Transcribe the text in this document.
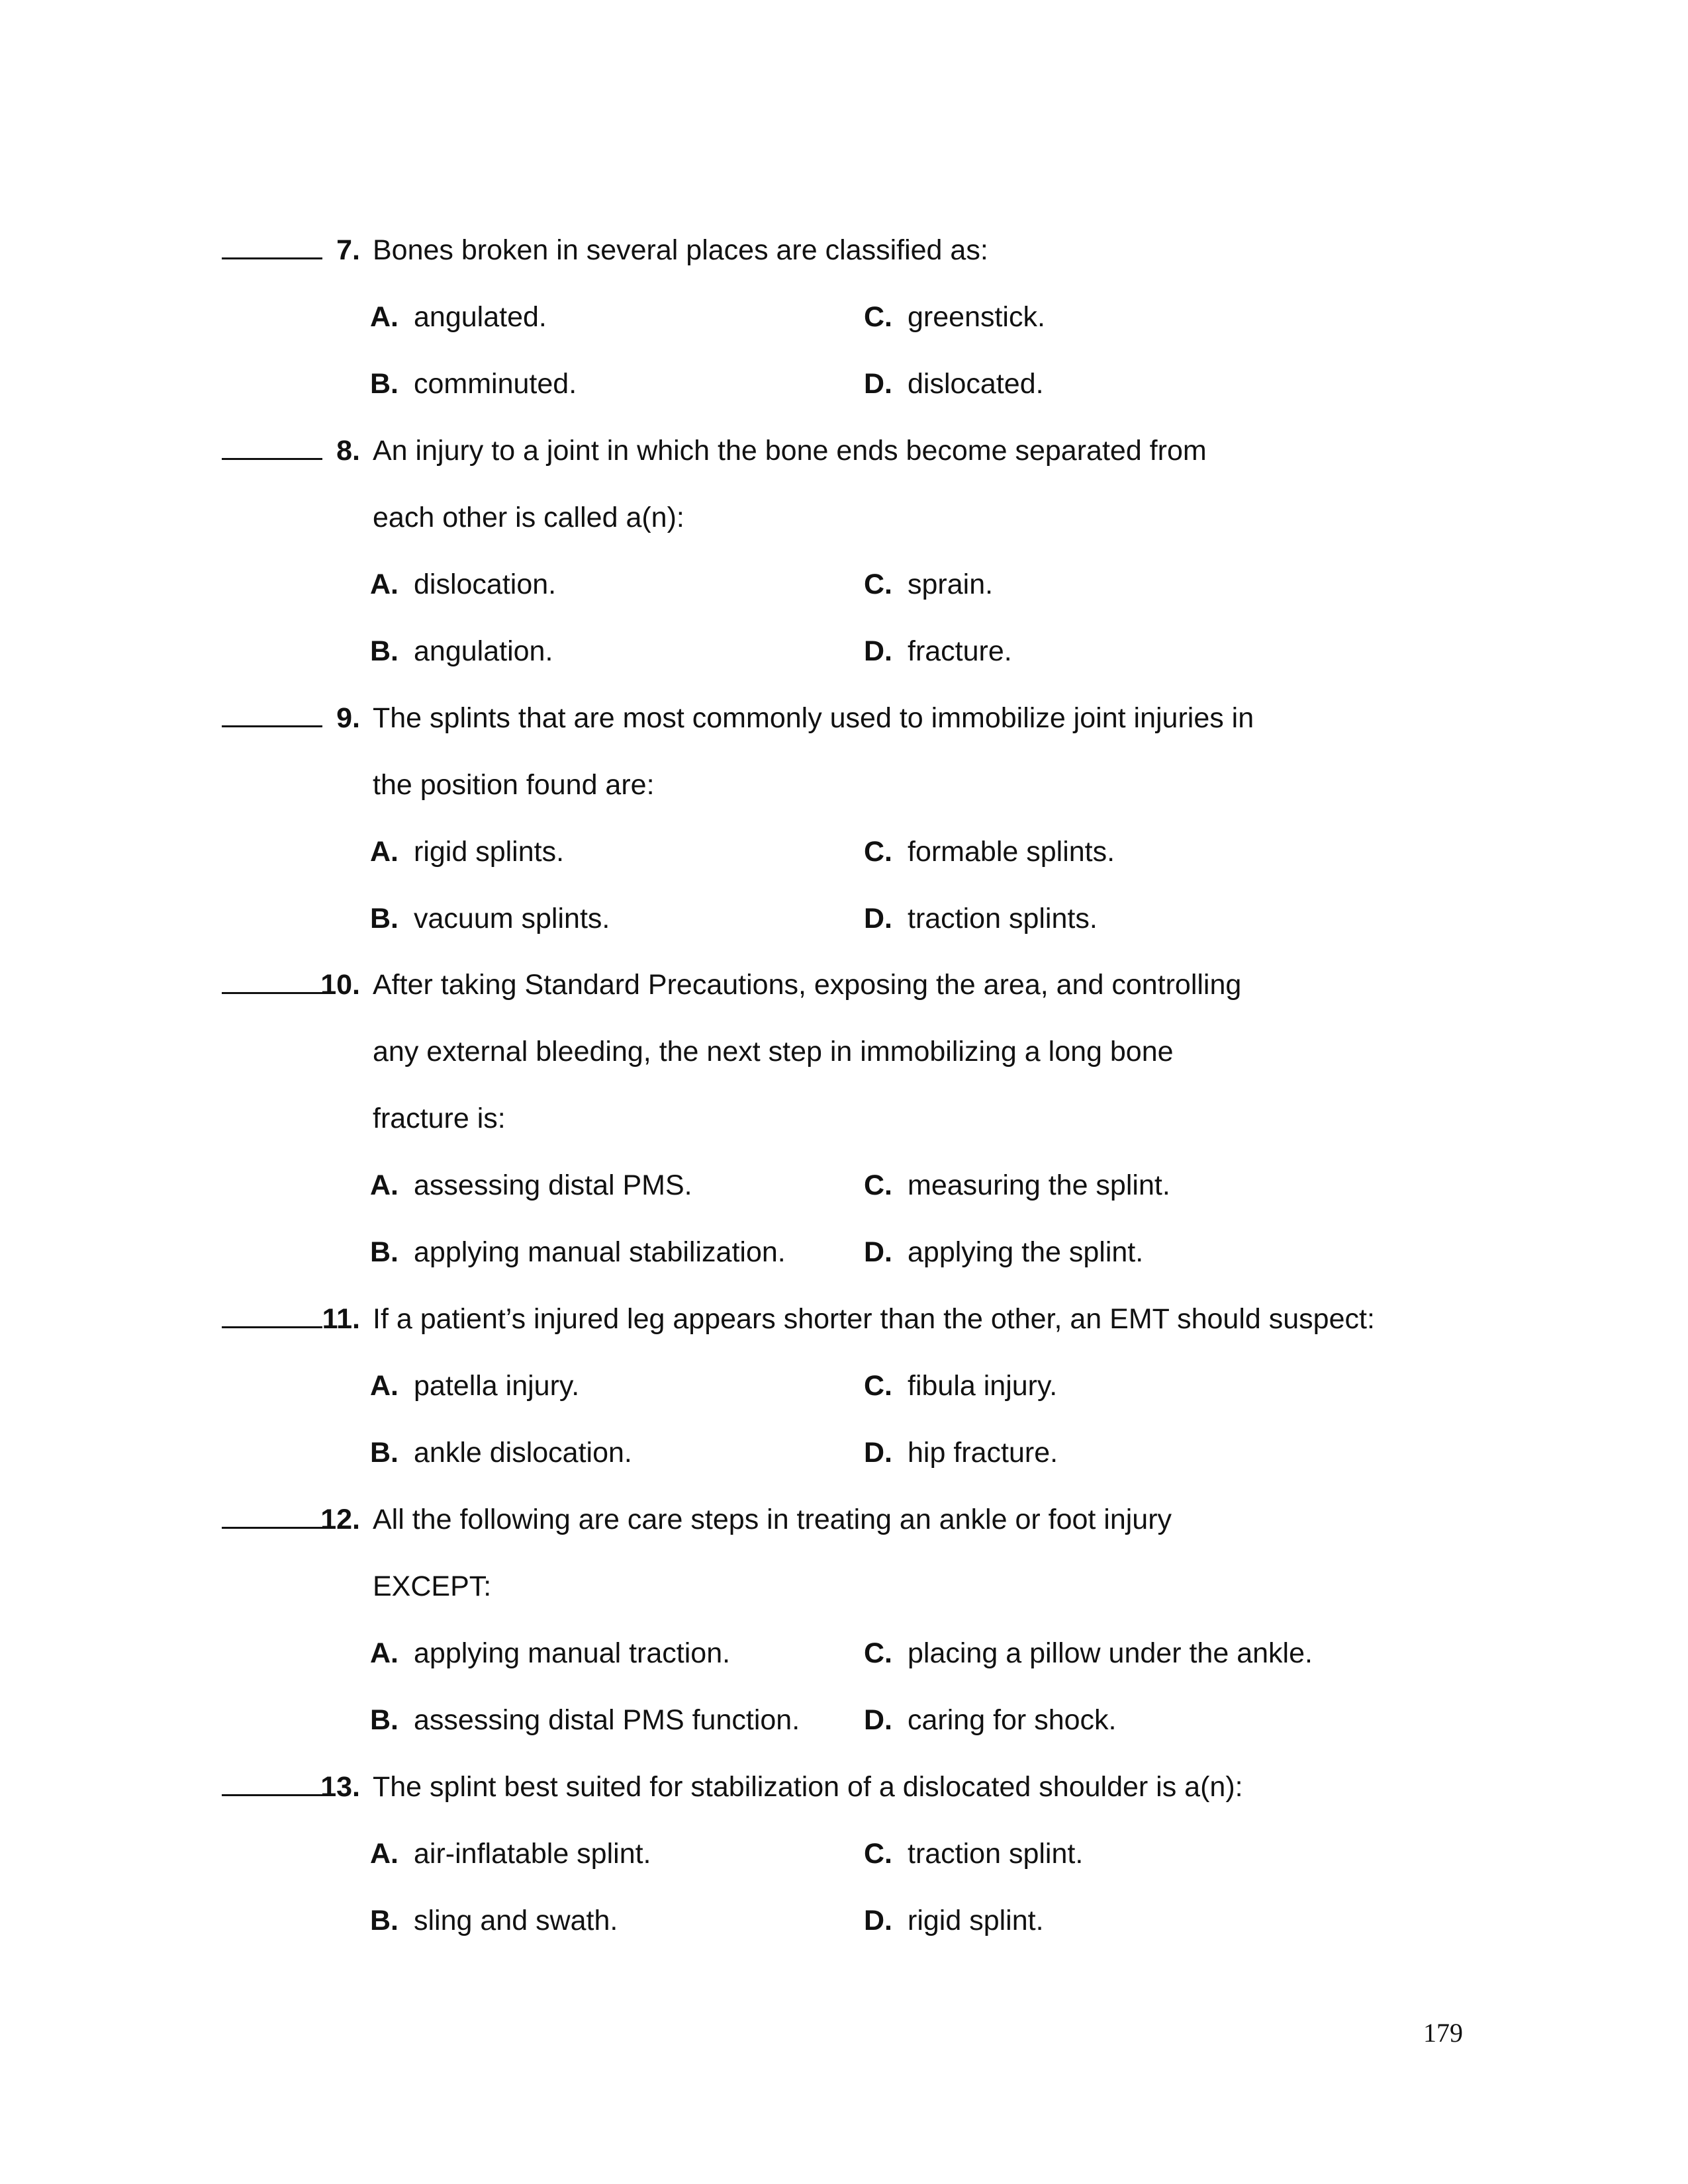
7. Bones broken in several places are classified as:
A. angulated.	C. greenstick.
B. comminuted.	D. dislocated.
8. An injury to a joint in which the bone ends become separated from
each other is called a(n):
A. dislocation.	C. sprain.
B. angulation.	D. fracture.
9. The splints that are most commonly used to immobilize joint injuries in
the position found are:
A. rigid splints.	C. formable splints.
B. vacuum splints.	D. traction splints.
10. After taking Standard Precautions, exposing the area, and controlling
any external bleeding, the next step in immobilizing a long bone
fracture is:
A. assessing distal PMS.	C. measuring the splint.
B. applying manual stabilization.	D. applying the splint.
11. If a patient’s injured leg appears shorter than the other, an EMT should suspect:
A. patella injury.	C. fibula injury.
B. ankle dislocation.	D. hip fracture.
12. All the following are care steps in treating an ankle or foot injury
EXCEPT:
A. applying manual traction.	C. placing a pillow under the ankle.
B. assessing distal PMS function. D. caring for shock.
13. The splint best suited for stabilization of a dislocated shoulder is a(n):
A. air-inflatable splint.	C. traction splint.
B. sling and swath.	D. rigid splint.
179
